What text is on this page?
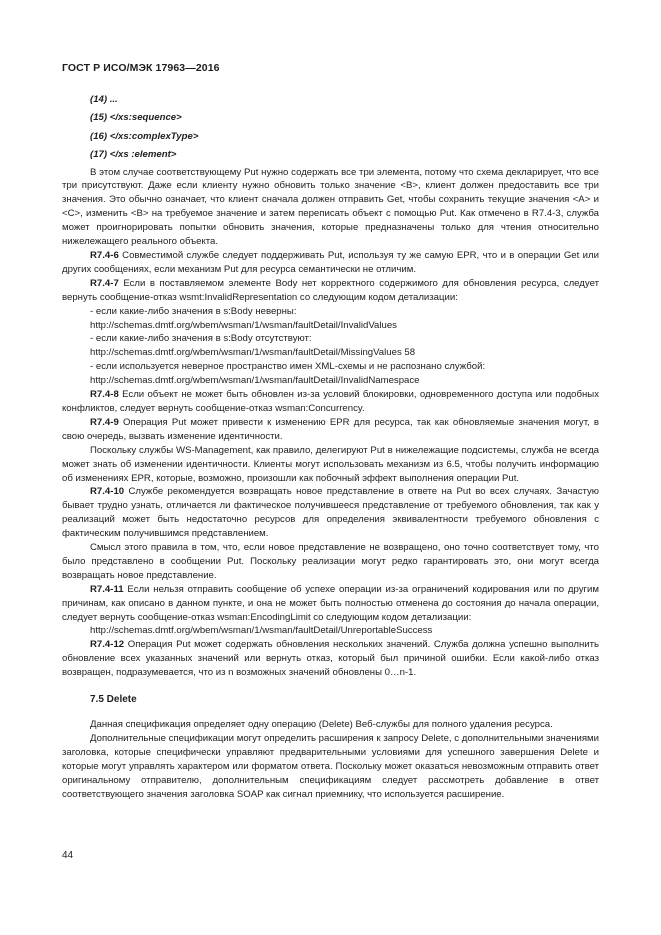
ГОСТ Р ИСО/МЭК 17963—2016
(14) ...
(15) </xs:sequence>
(16) </xs:complexType>
(17) </xs :element>

В этом случае соответствующему Put нужно содержать все три элемента, потому что схема декларирует, что все три присутствуют. Даже если клиенту нужно обновить только значение <B>, клиент должен предоставить все три значения. Это обычно означает, что клиент сначала должен отправить Get, чтобы сохранить текущие значения <A> и <C>, изменить <B> на требуемое значение и затем переписать объект с помощью Put. Как отмечено в R7.4-3, служба может проигнорировать попытки обновить значения, которые предназначены только для чтения относительно нижележащего реального объекта.

R7.4-6 Совместимой службе следует поддерживать Put, используя ту же самую EPR, что и в операции Get или других сообщениях, если механизм Put для ресурса семантически не отличим.

R7.4-7 Если в поставляемом элементе Body нет корректного содержимого для обновления ресурса, следует вернуть сообщение-отказ wsmt:InvalidRepresentation со следующим кодом детализации:

- если какие-либо значения в s:Body неверны:
http://schemas.dmtf.org/wbem/wsman/1/wsman/faultDetail/InvalidValues
- если какие-либо значения в s:Body отсутствуют:
http://schemas.dmtf.org/wbem/wsman/1/wsman/faultDetail/MissingValues 58
- если используется неверное пространство имен XML-схемы и не распознано службой:
http://schemas.dmtf.org/wbem/wsman/1/wsman/faultDetail/InvalidNamespace

R7.4-8 Если объект не может быть обновлен из-за условий блокировки, одновременного доступа или подобных конфликтов, следует вернуть сообщение-отказ wsman:Concurrency.

R7.4-9 Операция Put может привести к изменению EPR для ресурса, так как обновляемые значения могут, в свою очередь, вызвать изменение идентичности.

Поскольку службы WS-Management, как правило, делегируют Put в нижележащие подсистемы, служба не всегда может знать об изменении идентичности. Клиенты могут использовать механизм из 6.5, чтобы получить информацию об изменениях EPR, которые, возможно, произошли как побочный эффект выполнения операции Put.

R7.4-10 Службе рекомендуется возвращать новое представление в ответе на Put во всех случаях. Зачастую бывает трудно узнать, отличается ли фактическое получившееся представление от требуемого обновления, так как у реализаций может быть недостаточно ресурсов для определения эквивалентности требуемого обновления с фактическим получившимся представлением.

Смысл этого правила в том, что, если новое представление не возвращено, оно точно соответствует тому, что было представлено в сообщении Put. Поскольку реализации могут редко гарантировать это, они могут всегда возвращать новое представление.

R7.4-11 Если нельзя отправить сообщение об успехе операции из-за ограничений кодирования или по другим причинам, как описано в данном пункте, и она не может быть полностью отменена до состояния до начала операции, следует вернуть сообщение-отказ wsman:EncodingLimit со следующим кодом детализации:

http://schemas.dmtf.org/wbem/wsman/1/wsman/faultDetail/UnreportableSuccess

R7.4-12 Операция Put может содержать обновления нескольких значений. Служба должна успешно выполнить обновление всех указанных значений или вернуть отказ, который был причиной ошибки. Если какой-либо отказ возвращен, подразумевается, что из n возможных значений обновлены 0…n-1.

7.5 Delete

Данная спецификация определяет одну операцию (Delete) Веб-службы для полного удаления ресурса.

Дополнительные спецификации могут определить расширения к запросу Delete, с дополнительными значениями заголовка, которые специфически управляют предварительными условиями для успешного завершения Delete и которые могут управлять характером или форматом ответа. Поскольку может оказаться невозможным отправить ответ оригинальному отправителю, дополнительным спецификациям следует рассмотреть добавление в ответ соответствующего значения заголовка SOAP как сигнал приемнику, что используется расширение.

44
